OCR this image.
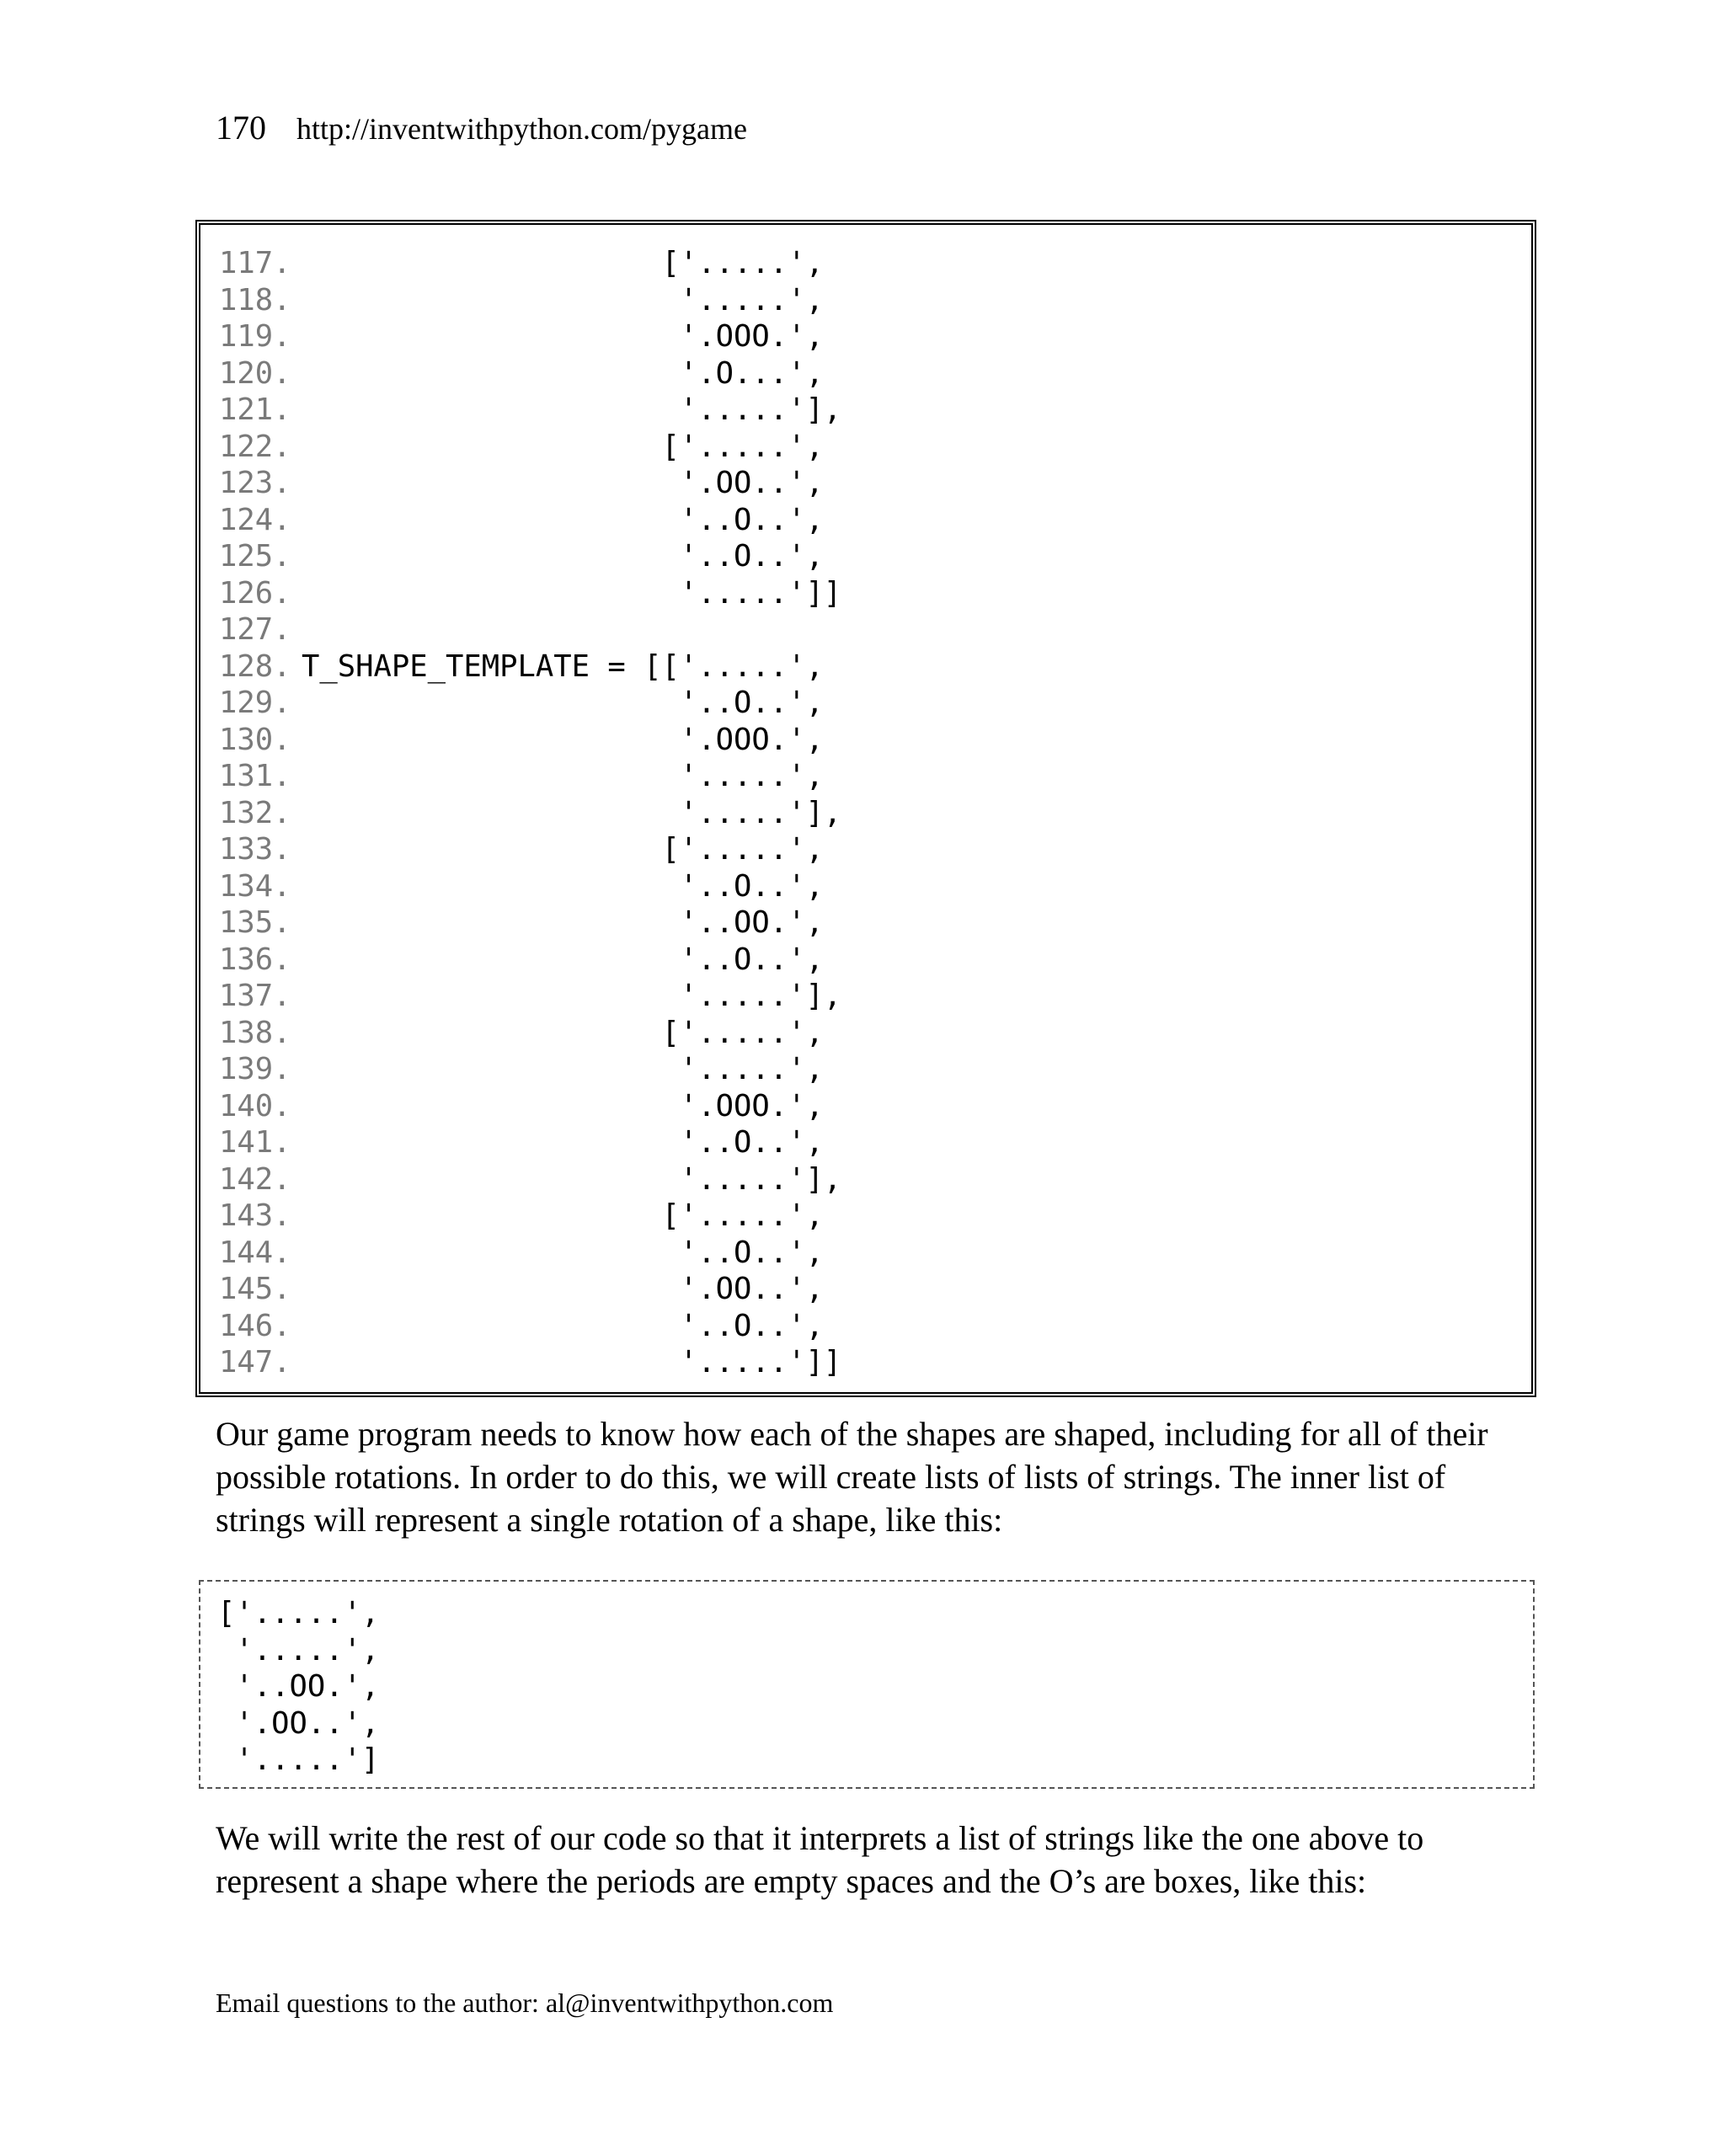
170 http://inventwithpython.com/pygame
117.                    ['.....',
118.                     '.....',
119.                     '.OOO.',
120.                     '.O...',
121.                     '.....'],
122.                    ['.....',
123.                     '.OO..',
124.                     '..O..',
125.                     '..O..',
126.                     '.....']]
127.
128. T_SHAPE_TEMPLATE = [['.....',
129.                     '..O..',
130.                     '.OOO.',
131.                     '.....',
132.                     '.....'],
133.                    ['.....',
134.                     '..O..',
135.                     '..OO.',
136.                     '..O..',
137.                     '.....'],
138.                    ['.....',
139.                     '.....',
140.                     '.OOO.',
141.                     '..O..',
142.                     '.....'],
143.                    ['.....',
144.                     '..O..',
145.                     '.OO..',
146.                     '..O..',
147.                     '.....']]

Our game program needs to know how each of the shapes are shaped, including for all of their

possible rotations. In order to do this, we will create lists of lists of strings. The inner list of

strings will represent a single rotation of a shape, like this:

['.....',
'.....',
'..OO.',
'.OO..',
'.....']

We will write the rest of our code so that it interprets a list of strings like the one above to

represent a shape where the periods are empty spaces and the O’s are boxes, like this:

Email questions to the author: al@inventwithpython.com
